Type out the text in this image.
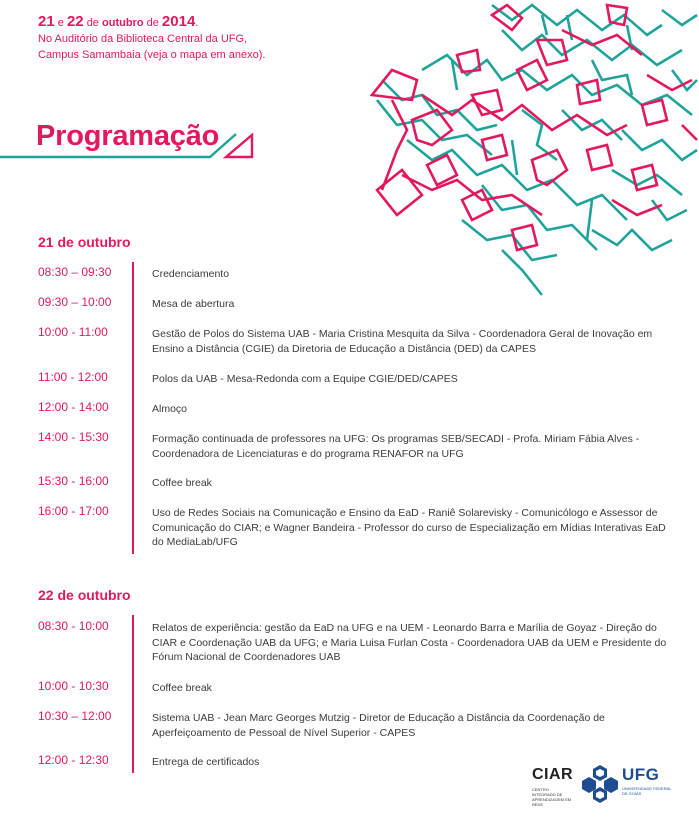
21 e 22 de outubro de 2014.
No Auditório da Biblioteca Central da UFG,
Campus Samambaia (veja o mapa em anexo).
Programação
21 de outubro
08:30 – 09:30	Credenciamento
09:30 – 10:00	Mesa de abertura
10:00 - 11:00	Gestão de Polos do Sistema UAB - Maria Cristina Mesquita da Silva - Coordenadora Geral de Inovação em Ensino a Distância (CGIE) da Diretoria de Educação a Distância (DED) da CAPES
11:00 - 12:00	Polos da UAB - Mesa-Redonda com a Equipe CGIE/DED/CAPES
12:00 - 14:00	Almoço
14:00 - 15:30	Formação continuada de professores na UFG: Os programas SEB/SECADI - Profa. Miriam Fábia Alves - Coordenadora de Licenciaturas e do programa RENAFOR na UFG
15:30 - 16:00	Coffee break
16:00 - 17:00	Uso de Redes Sociais na Comunicação e Ensino da EaD - Raniê Solarevisky - Comunicólogo e Assessor de Comunicação do CIAR; e Wagner Bandeira - Professor do curso de Especialização em Mídias Interativas EaD do MediaLab/UFG
22 de outubro
08:30 - 10:00	Relatos de experiência: gestão da EaD na UFG e na UEM - Leonardo Barra e Marília de Goyaz - Direção do CIAR e Coordenação UAB da UFG; e Maria Luisa Furlan Costa - Coordenadora UAB da UEM e Presidente do Fórum Nacional de Coordenadores UAB
10:00 - 10:30	Coffee break
10:30 – 12:00	Sistema UAB - Jean Marc Georges Mutzig - Diretor de Educação a Distância da Coordenação de Aperfeiçoamento de Pessoal de Nível Superior - CAPES
12:00 - 12:30	Entrega de certificados
CIAR
CENTRO INTEGRADO DE APRENDIZAGEM EM REDE
UFG
UNIVERSIDADE FEDERAL DE GOIÁS
